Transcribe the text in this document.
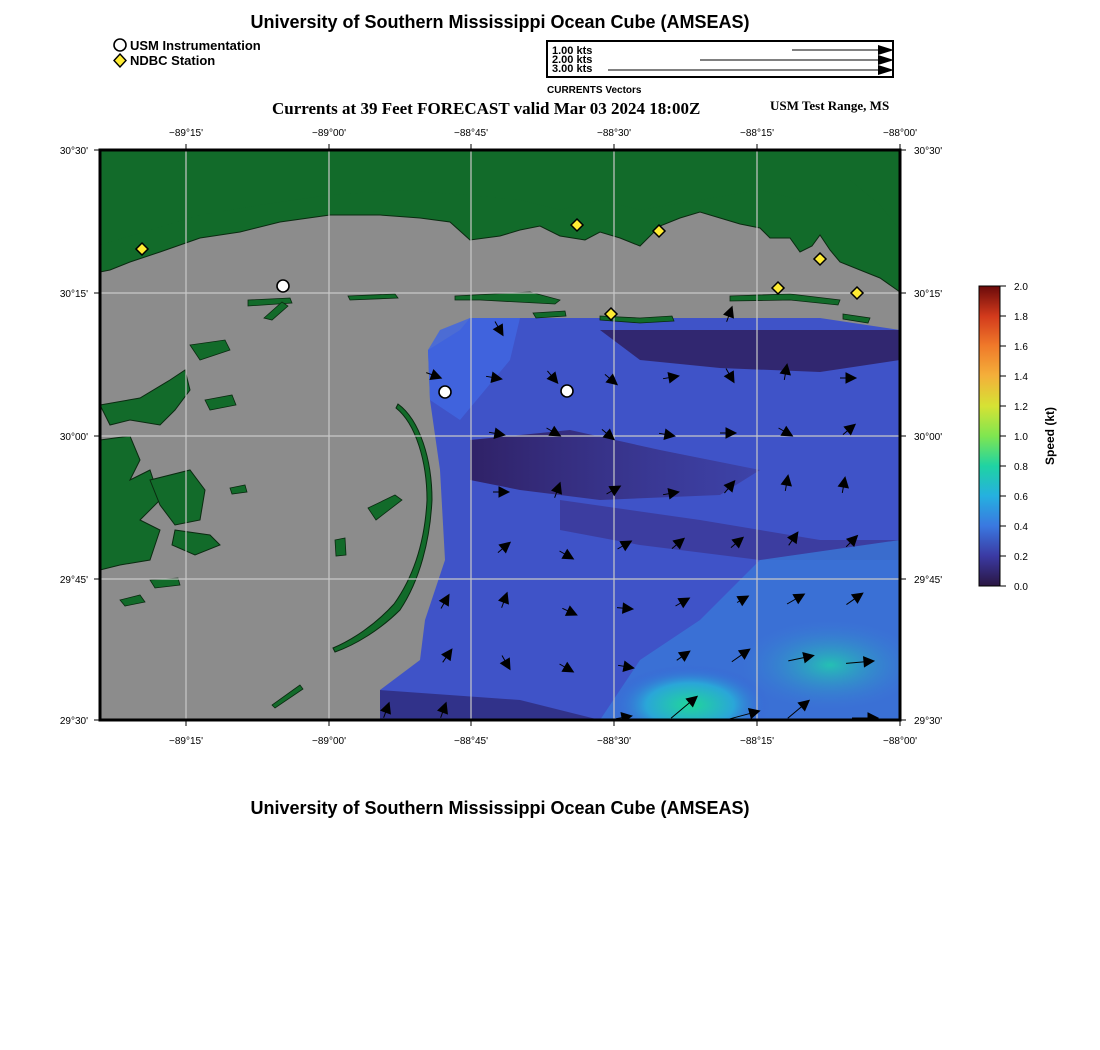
University of Southern Mississippi Ocean Cube (AMSEAS)
USM Instrumentation
NDBC Station
1.00 kts
2.00 kts
3.00 kts
CURRENTS Vectors
Currents at 39 Feet FORECAST valid Mar 03 2024 18:00Z	USM Test Range, MS
−89°15'	−89°00'	−88°45'	−88°30'	−88°15'	−88°00'
−89°15'	−89°00'	−88°45'	−88°30'	−88°15'	−88°00'
30°30'
30°15'
30°00'
29°45'
29°30'
30°30'
30°15'
30°00'
29°45'
29°30'
2.0
1.8
1.6
1.4
1.2
1.0
0.8
0.6
0.4
0.2
0.0
Speed (kt)
University of Southern Mississippi Ocean Cube (AMSEAS)
